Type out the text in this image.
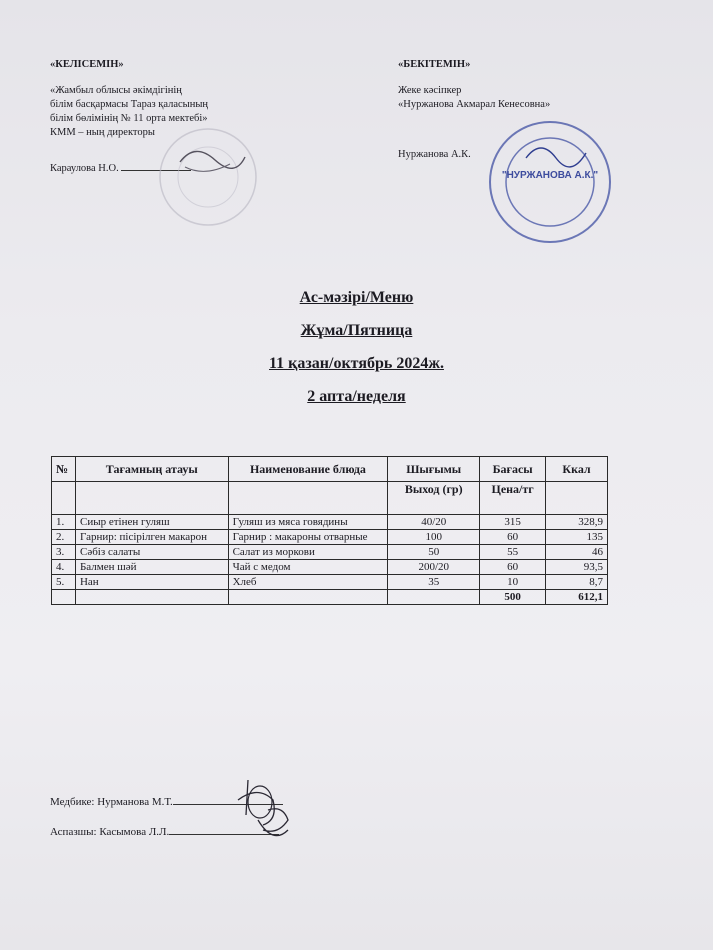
«КЕЛІСЕМІН»
«Жамбыл облысы әкімдігінің
білім басқармасы Тараз қаласының
білім бөлімінің № 11 орта мектебі»
КММ – ның директоры
Караулова Н.О.
«БЕКІТЕМІН»
Жеке кәсіпкер
«Нуржанова Акмарал Кенесовна»
Нуржанова А.К.
"НУРЖАНОВА А.К."
Ас-мәзірі/Меню
Жұма/Пятница
11 қазан/октябрь 2024ж.
2 апта/неделя
№	Тағамның атауы	Наименование блюда	Шығымы	Бағасы	Ккал
			Выход (гр)	Цена/тг	
1.	Сиыр етінен гуляш	Гуляш из мяса говядины	40/20	315	328,9
2.	Гарнир: пісірілген макарон	Гарнир : макароны отварные	100	60	135
3.	Сәбіз салаты	Салат из моркови	50	55	46
4.	Балмен шәй	Чай с медом	200/20	60	93,5
5.	Нан	Хлеб	35	10	8,7
				500	612,1
Медбике: Нурманова М.Т.
Аспазшы: Касымова Л.Л.
